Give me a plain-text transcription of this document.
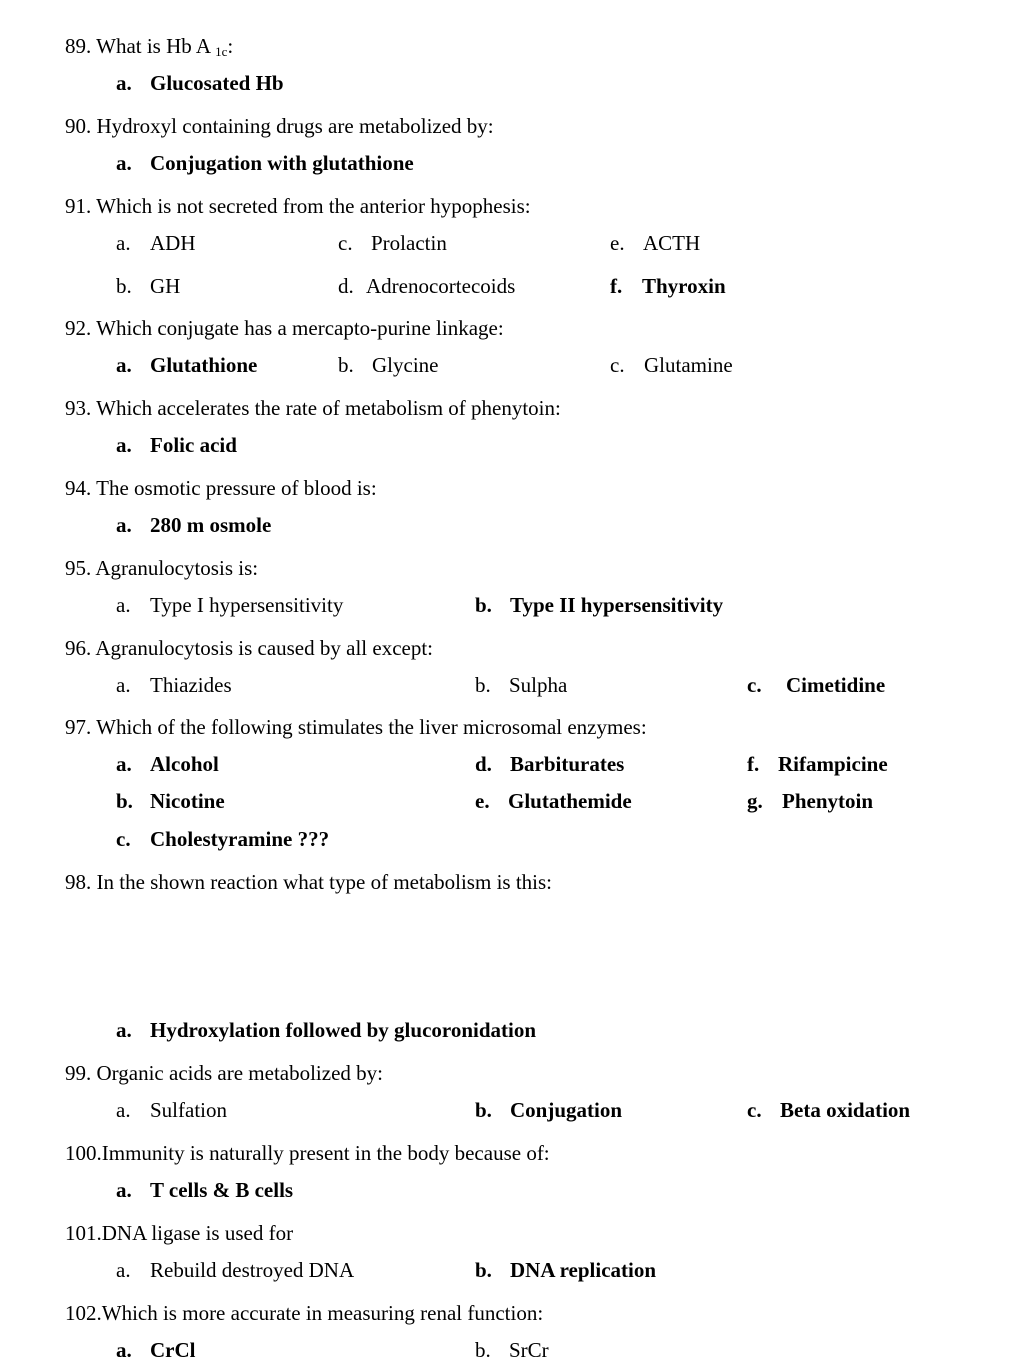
89. What is Hb A $_{1c}$:
a. Glucosated Hb
90. Hydroxyl containing drugs are metabolized by:
a. Conjugation with glutathione
91. Which is not secreted from the anterior hypophesis:
a. ADH	c. Prolactin	e. ACTH
b. GH	d. Adrenocortecoids	f. Thyroxin
92. Which conjugate has a mercapto-purine linkage:
a. Glutathione	b. Glycine	c. Glutamine
93. Which accelerates the rate of metabolism of phenytoin:
a. Folic acid
94. The osmotic pressure of blood is:
a. 280 m osmole
95. Agranulocytosis is:
a. Type I hypersensitivity	b. Type II hypersensitivity
96. Agranulocytosis is caused by all except:
a. Thiazides	b. Sulpha	c. Cimetidine
97. Which of the following stimulates the liver microsomal enzymes:
a. Alcohol	d. Barbiturates	f. Rifampicine
b. Nicotine	e. Glutathemide	g. Phenytoin
c. Cholestyramine ???
98. In the shown reaction what type of metabolism is this:
a. Hydroxylation followed by glucoronidation
99. Organic acids are metabolized by:
a. Sulfation	b. Conjugation	c. Beta oxidation
100.Immunity is naturally present in the body because of:
a. T cells & B cells
101.DNA ligase is used for
a. Rebuild destroyed DNA	b. DNA replication
102.Which is more accurate in measuring renal function:
a. CrCl	b. SrCr
